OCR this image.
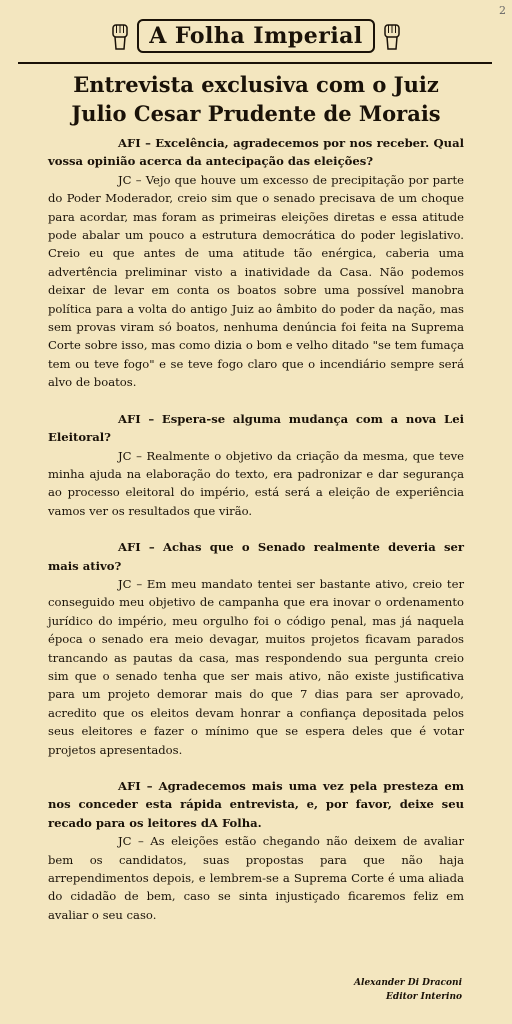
2
A Folha Imperial
Entrevista exclusiva com o Juiz
Julio Cesar Prudente de Morais

AFI – Excelência, agradecemos por nos receber. Qual vossa opinião acerca da antecipação das eleições?

JC – Vejo que houve um excesso de precipitação por parte do Poder Moderador, creio sim que o senado precisava de um choque para acordar, mas foram as primeiras eleições diretas e essa atitude pode abalar um pouco a estrutura democrática do poder legislativo. Creio eu que antes de uma atitude tão enérgica, caberia uma advertência preliminar visto a inatividade da Casa. Não podemos deixar de levar em conta os boatos sobre uma possível manobra política para a volta do antigo Juiz ao âmbito do poder da nação, mas sem provas viram só boatos, nenhuma denúncia foi feita na Suprema Corte sobre isso, mas como dizia o bom e velho ditado "se tem fumaça tem ou teve fogo" e se teve fogo claro que o incendiário sempre será alvo de boatos.

AFI – Espera-se alguma mudança com a nova Lei Eleitoral?

JC – Realmente o objetivo da criação da mesma, que teve minha ajuda na elaboração do texto, era padronizar e dar segurança ao processo eleitoral do império, está será a eleição de experiência vamos ver os resultados que virão.

AFI – Achas que o Senado realmente deveria ser mais ativo?

JC – Em meu mandato tentei ser bastante ativo, creio ter conseguido meu objetivo de campanha que era inovar o ordenamento jurídico do império, meu orgulho foi o código penal, mas já naquela época o senado era meio devagar, muitos projetos ficavam parados trancando as pautas da casa, mas respondendo sua pergunta creio sim que o senado tenha que ser mais ativo, não existe justificativa para um projeto demorar mais do que 7 dias para ser aprovado, acredito que os eleitos devam honrar a confiança depositada pelos seus eleitores e fazer o mínimo que se espera deles que é votar projetos apresentados.

AFI – Agradecemos mais uma vez pela presteza em nos conceder esta rápida entrevista, e, por favor, deixe seu recado para os leitores dA Folha.

JC – As eleições estão chegando não deixem de avaliar bem os candidatos, suas propostas para que não haja arrependimentos depois, e lembrem-se a Suprema Corte é uma aliada do cidadão de bem, caso se sinta injustiçado ficaremos feliz em avaliar o seu caso.

Alexander Di Draconi
Editor Interino
